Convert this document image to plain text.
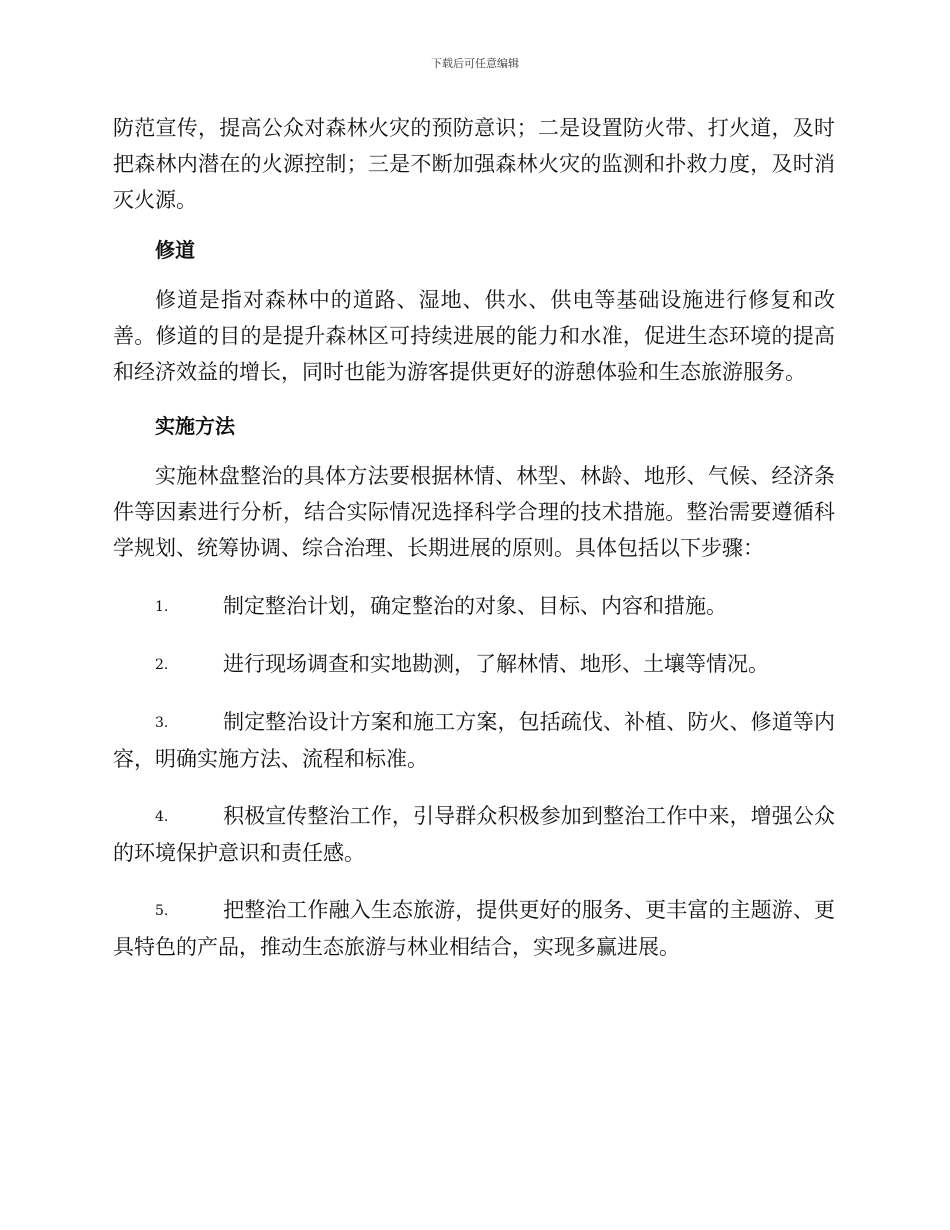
下载后可任意编辑

防范宣传，提高公众对森林火灾的预防意识；二是设置防火带、打火道，及时把森林内潜在的火源控制；三是不断加强森林火灾的监测和扑救力度，及时消灭火源。

修道

修道是指对森林中的道路、湿地、供水、供电等基础设施进行修复和改善。修道的目的是提升森林区可持续进展的能力和水准，促进生态环境的提高和经济效益的增长，同时也能为游客提供更好的游憩体验和生态旅游服务。

实施方法

实施林盘整治的具体方法要根据林情、林型、林龄、地形、气候、经济条件等因素进行分析，结合实际情况选择科学合理的技术措施。整治需要遵循科学规划、统筹协调、综合治理、长期进展的原则。具体包括以下步骤：

1.	制定整治计划，确定整治的对象、目标、内容和措施。

2.	进行现场调查和实地勘测，了解林情、地形、土壤等情况。

3.	制定整治设计方案和施工方案，包括疏伐、补植、防火、修道等内容，明确实施方法、流程和标准。

4.	积极宣传整治工作，引导群众积极参加到整治工作中来，增强公众的环境保护意识和责任感。

5.	把整治工作融入生态旅游，提供更好的服务、更丰富的主题游、更具特色的产品，推动生态旅游与林业相结合，实现多赢进展。
